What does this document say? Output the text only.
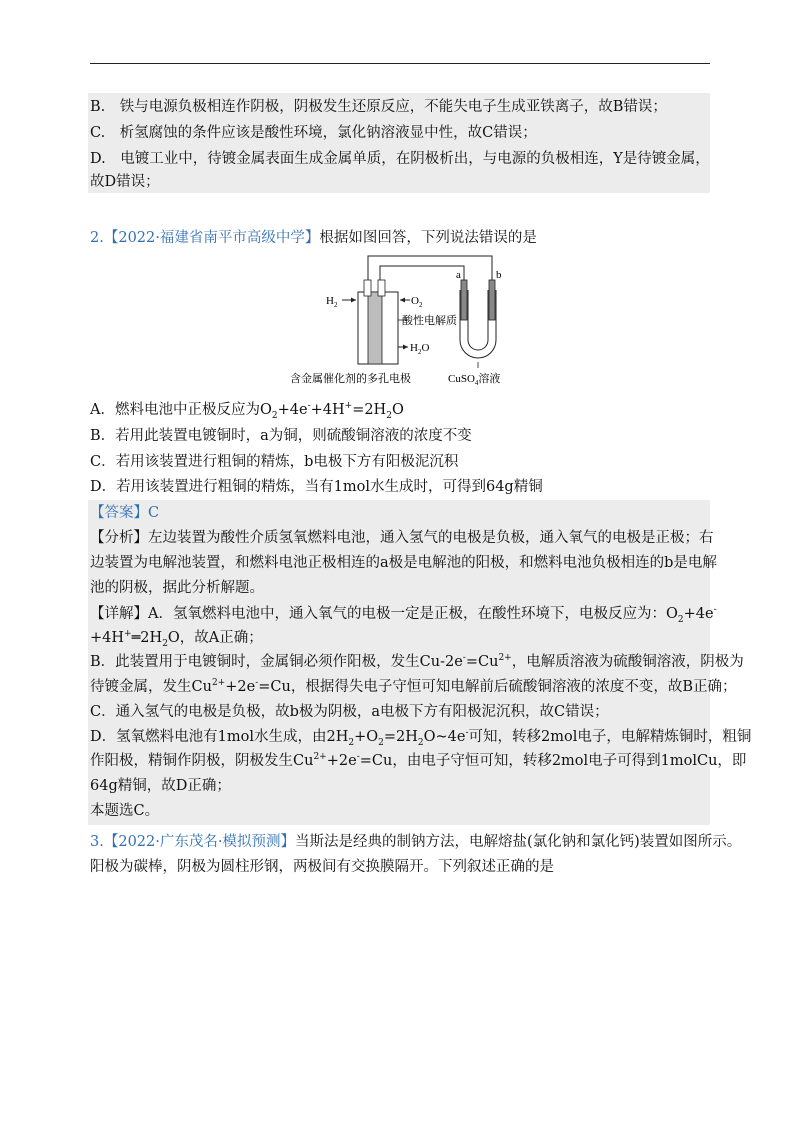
B.　铁与电源负极相连作阴极，阴极发生还原反应，不能失电子生成亚铁离子，故B错误；
C.　析氢腐蚀的条件应该是酸性环境，氯化钠溶液显中性，故C错误；
D.　电镀工业中，待镀金属表面生成金属单质，在阴极析出，与电源的负极相连，Y是待镀金属，
故D错误；
2.【2022·福建省南平市高级中学】根据如图回答，下列说法错误的是
$H_2$	$O_2$
酸性电解质
$H_2O$
a	b
含金属催化剂的多孔电极	CuSO$_4$溶液
A．燃料电池中正极反应为$O_2+4e^-+4H^+=2H_2O$
B．若用此装置电镀铜时，a为铜，则硫酸铜溶液的浓度不变
C．若用该装置进行粗铜的精炼，b电极下方有阳极泥沉积
D．若用该装置进行粗铜的精炼，当有1mol水生成时，可得到64g精铜
【答案】C
【分析】左边装置为酸性介质氢氧燃料电池，通入氢气的电极是负极，通入氧气的电极是正极；右
边装置为电解池装置，和燃料电池正极相连的a极是电解池的阳极，和燃料电池负极相连的b是电解
池的阴极，据此分析解题。
【详解】A．氢氧燃料电池中，通入氧气的电极一定是正极，在酸性环境下，电极反应为：$O_2+4e^-$
$+4H^+═2H_2O$，故A正确；
B．此装置用于电镀铜时，金属铜必须作阳极，发生$Cu-2e^-=Cu^{2+}$，电解质溶液为硫酸铜溶液，阴极为
待镀金属，发生$Cu^{2+}+2e^-=Cu$，根据得失电子守恒可知电解前后硫酸铜溶液的浓度不变，故B正确；
C．通入氢气的电极是负极，故b极为阴极，a电极下方有阳极泥沉积，故C错误；
D．氢氧燃料电池有1mol水生成，由$2H_2+O_2=2H_2O\sim 4e^-$可知，转移2mol电子，电解精炼铜时，粗铜
作阳极，精铜作阴极，阴极发生$Cu^{2+}+2e^-=Cu$，由电子守恒可知，转移2mol电子可得到1molCu，即
64g精铜，故D正确；
本题选C。
3.【2022·广东茂名·模拟预测】当斯法是经典的制钠方法，电解熔盐(氯化钠和氯化钙)装置如图所示。
阳极为碳棒，阴极为圆柱形钢，两极间有交换膜隔开。下列叙述正确的是
